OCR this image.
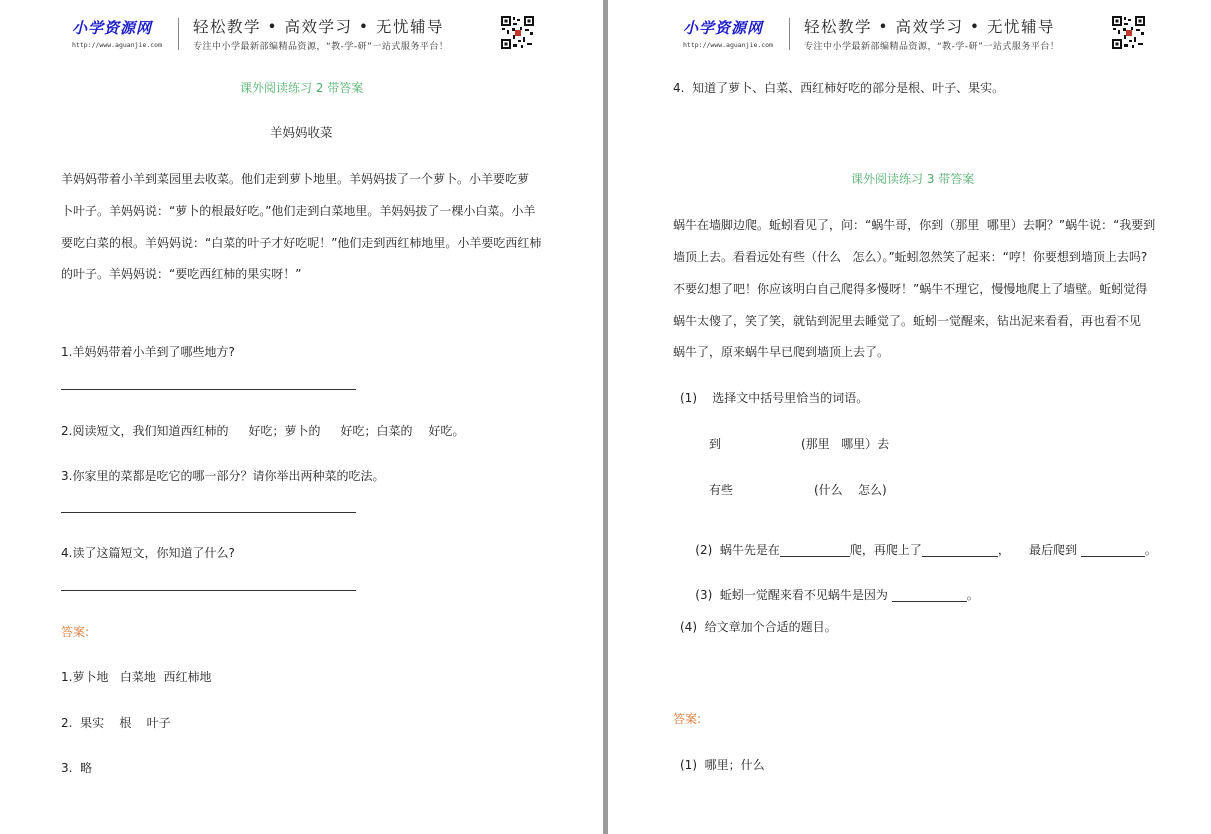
小学资源网
http://www.aguanjie.com
轻松教学 • 高效学习 • 无忧辅导
专注中小学最新部编精品资源，“教-学-研”一站式服务平台！
课外阅读练习 2 带答案
羊妈妈收菜
羊妈妈带着小羊到菜园里去收菜。他们走到萝卜地里。羊妈妈拔了一个萝卜。小羊要吃萝
卜叶子。羊妈妈说：“萝卜的根最好吃。”他们走到白菜地里。羊妈妈拔了一棵小白菜。小羊
要吃白菜的根。羊妈妈说：“白菜的叶子才好吃呢！”他们走到西红柿地里。小羊要吃西红柿
的叶子。羊妈妈说：“要吃西红柿的果实呀！”
1.羊妈妈带着小羊到了哪些地方?
2.阅读短文，我们知道西红柿的 好吃；萝卜的 好吃；白菜的 好吃。
3.你家里的菜都是吃它的哪一部分？请你举出两种菜的吃法。
4.读了这篇短文，你知道了什么?
答案:
1.萝卜地   白菜地  西红柿地
2.  果实    根    叶子
3.  略
小学资源网
http://www.aguanjie.com
轻松教学 • 高效学习 • 无忧辅导
专注中小学最新部编精品资源，“教-学-研”一站式服务平台！
4.  知道了萝卜、白菜、西红柿好吃的部分是根、叶子、果实。
课外阅读练习 3 带答案
蜗牛在墙脚边爬。蚯蚓看见了，问：“蜗牛哥，你到（那里  哪里）去啊？”蜗牛说：“我要到
墙顶上去。看看远处有些（什么   怎么）。”蚯蚓忽然笑了起来：“哼！你要想到墙顶上去吗?
不要幻想了吧！你应该明白自己爬得多慢呀！”蜗牛不理它，慢慢地爬上了墙壁。蚯蚓觉得
蜗牛太傻了，笑了笑，就钻到泥里去睡觉了。蚯蚓一觉醒来，钻出泥来看看，再也看不见
蜗牛了，原来蜗牛早已爬到墙顶上去了。
(1)    选择文中括号里恰当的词语。
到	(那里   哪里）去
有些	(什么    怎么)

(2)  蜗牛先是在	爬，再爬上了	，     最后爬到	。

(3)  蚯蚓一觉醒来看不见蜗牛是因为	。

(4)  给文章加个合适的题目。
答案:
(1)  哪里；什么
